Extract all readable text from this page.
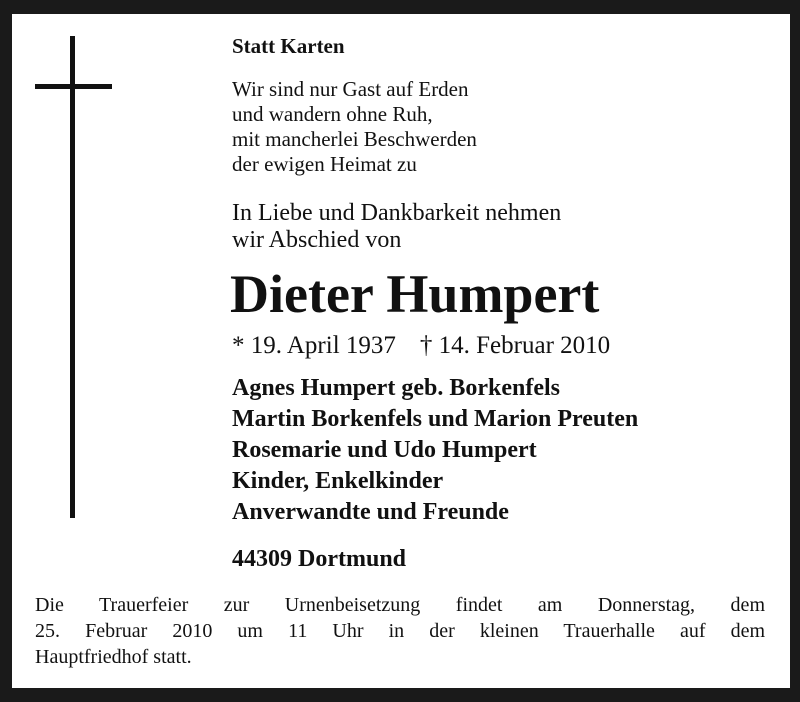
Statt Karten

Wir sind nur Gast auf Erden
und wandern ohne Ruh,
mit mancherlei Beschwerden
der ewigen Heimat zu
In Liebe und Dankbarkeit nehmen
wir Abschied von

Dieter Humpert

* 19. April 1937 † 14. Februar 2010

Agnes Humpert geb. Borkenfels
Martin Borkenfels und Marion Preuten
Rosemarie und Udo Humpert
Kinder, Enkelkinder
Anverwandte und Freunde

44309 Dortmund

Die Trauerfeier zur Urnenbeisetzung findet am Donnerstag, dem
25. Februar 2010 um 11 Uhr in der kleinen Trauerhalle auf dem
Hauptfriedhof statt.
